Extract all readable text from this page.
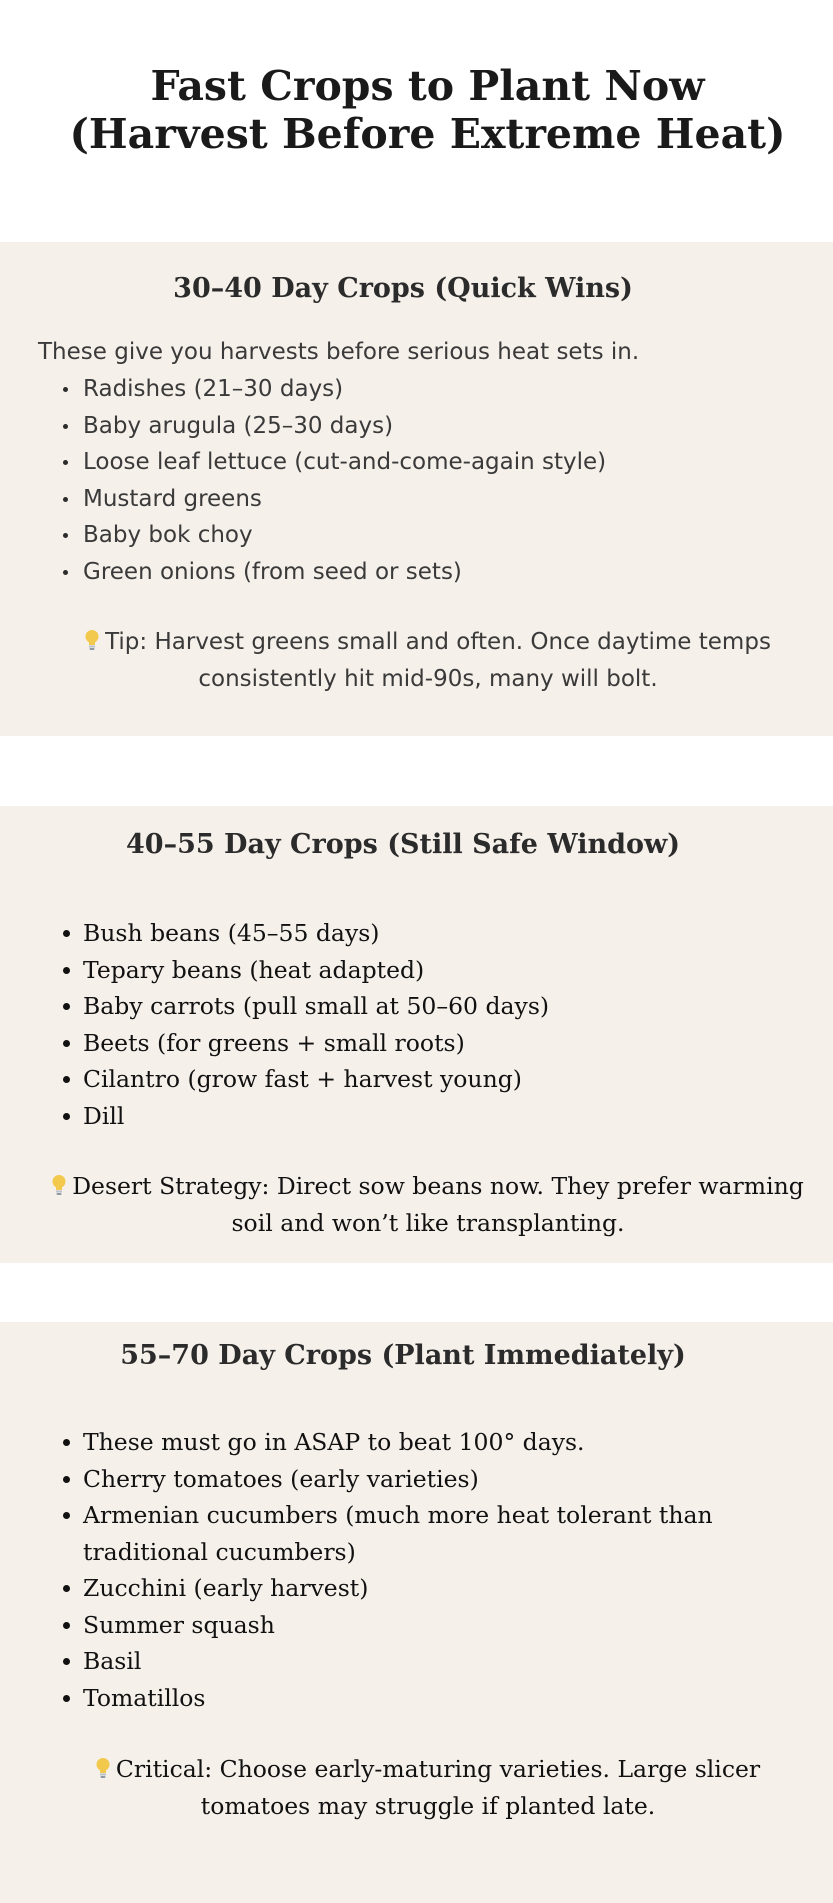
Fast Crops to Plant Now
(Harvest Before Extreme Heat)
30–40 Day Crops (Quick Wins)

These give you harvests before serious heat sets in.

Radishes (21–30 days)
Baby arugula (25–30 days)
Loose leaf lettuce (cut-and-come-again style)
Mustard greens
Baby bok choy
Green onions (from seed or sets)

Tip: Harvest greens small and often. Once daytime temps consistently hit mid-90s, many will bolt.

40–55 Day Crops (Still Safe Window)
Bush beans (45–55 days)
Tepary beans (heat adapted)
Baby carrots (pull small at 50–60 days)
Beets (for greens + small roots)
Cilantro (grow fast + harvest young)
Dill

Desert Strategy: Direct sow beans now. They prefer warming soil and won’t like transplanting.

55–70 Day Crops (Plant Immediately)
These must go in ASAP to beat 100° days.
Cherry tomatoes (early varieties)
Armenian cucumbers (much more heat tolerant than traditional cucumbers)
Zucchini (early harvest)
Summer squash
Basil
Tomatillos

Critical: Choose early-maturing varieties. Large slicer tomatoes may struggle if planted late.
